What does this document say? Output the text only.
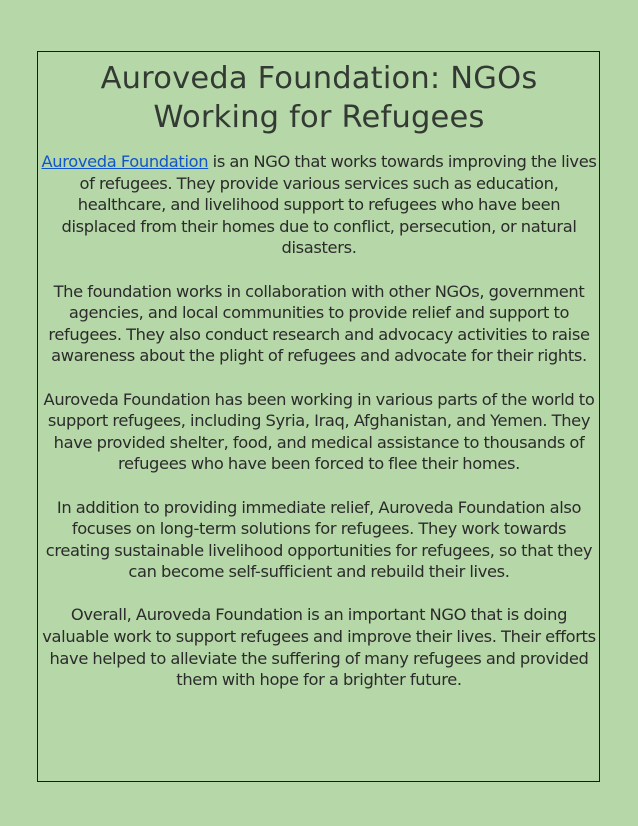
Auroveda Foundation: NGOs Working for Refugees

Auroveda Foundation is an NGO that works towards improving the lives of refugees. They provide various services such as education, healthcare, and livelihood support to refugees who have been displaced from their homes due to conflict, persecution, or natural disasters.

The foundation works in collaboration with other NGOs, government agencies, and local communities to provide relief and support to refugees. They also conduct research and advocacy activities to raise awareness about the plight of refugees and advocate for their rights.

Auroveda Foundation has been working in various parts of the world to support refugees, including Syria, Iraq, Afghanistan, and Yemen. They have provided shelter, food, and medical assistance to thousands of refugees who have been forced to flee their homes.

In addition to providing immediate relief, Auroveda Foundation also focuses on long-term solutions for refugees. They work towards creating sustainable livelihood opportunities for refugees, so that they can become self-sufficient and rebuild their lives.

Overall, Auroveda Foundation is an important NGO that is doing valuable work to support refugees and improve their lives. Their efforts have helped to alleviate the suffering of many refugees and provided them with hope for a brighter future.
